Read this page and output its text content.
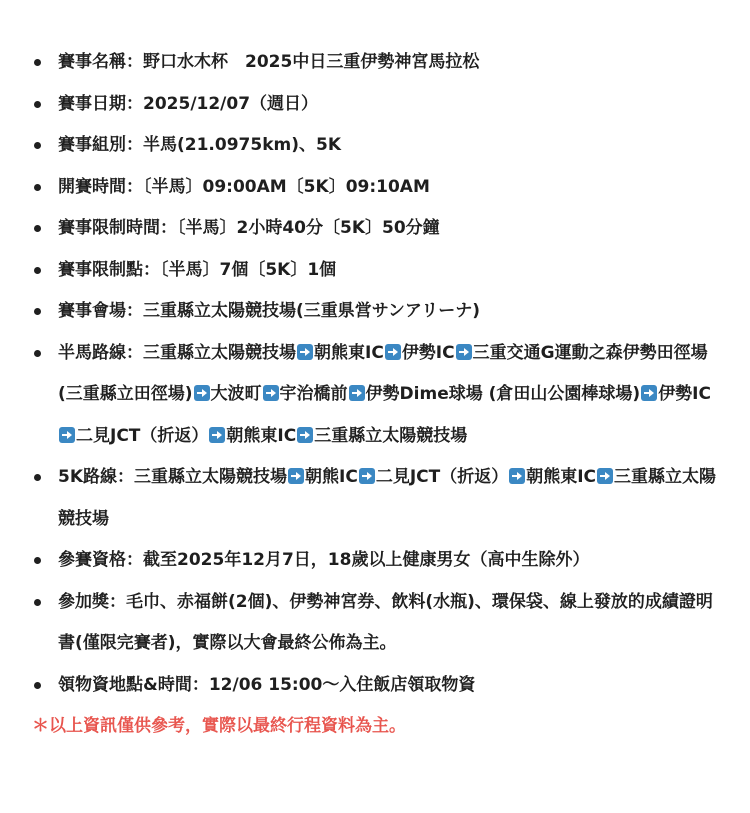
賽事名稱：野口水木杯　2025中日三重伊勢神宮馬拉松
賽事日期：2025/12/07（週日）
賽事組別：半馬(21.0975km)、5K
開賽時間：〔半馬〕09:00AM〔5K〕09:10AM
賽事限制時間：〔半馬〕2小時40分〔5K〕50分鐘
賽事限制點：〔半馬〕7個〔5K〕1個
賽事會場：三重縣立太陽競技場(三重県営サンアリーナ)
半馬路線：三重縣立太陽競技場 朝熊東IC 伊勢IC 三重交通G運動之森伊勢田徑場 (三重縣立田徑場) 大波町 宇治橋前 伊勢Dime球場 (倉田山公園棒球場) 伊勢IC二見JCT（折返） 朝熊東IC 三重縣立太陽競技場
5K路線：三重縣立太陽競技場 朝熊IC 二見JCT（折返） 朝熊東IC 三重縣立太陽競技場
參賽資格：截至2025年12月7日，18歲以上健康男女（高中生除外）
參加獎：毛巾、赤福餅(2個)、伊勢神宮券、飲料(水瓶)、環保袋、線上發放的成績證明書(僅限完賽者)，實際以大會最終公佈為主。
領物資地點&時間：12/06 15:00～入住飯店領取物資
＊以上資訊僅供參考，實際以最終行程資料為主。
